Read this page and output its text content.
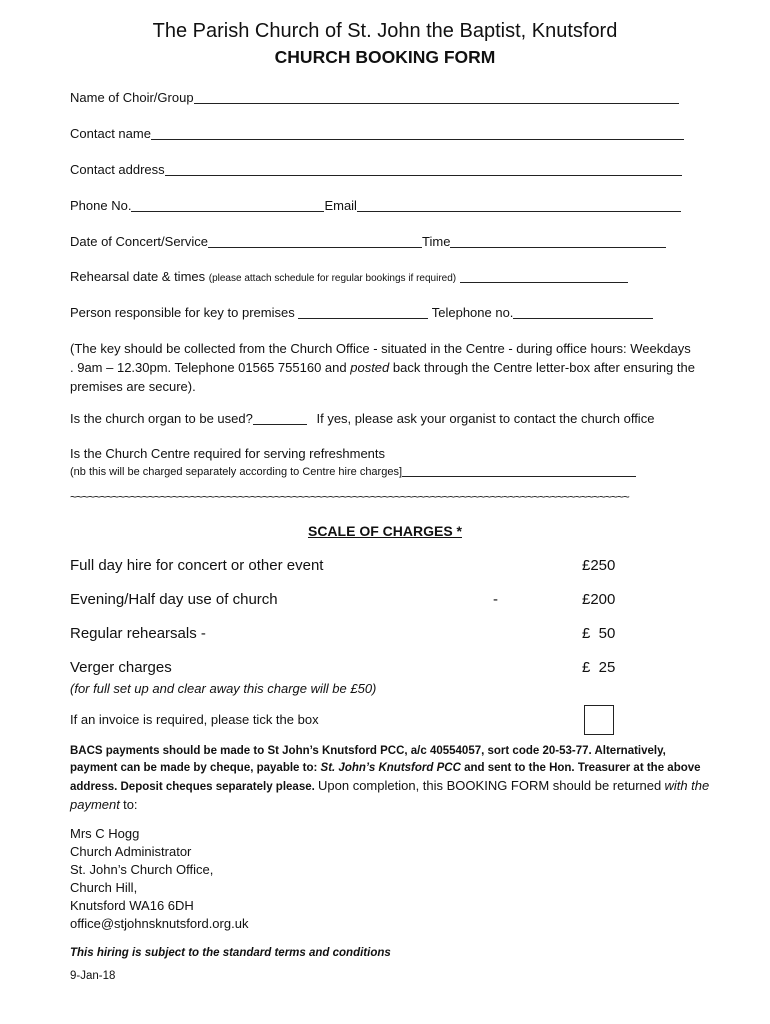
The Parish Church of St. John the Baptist, Knutsford
CHURCH BOOKING FORM
Name of Choir/Group
Contact name
Contact address
Phone No.	Email
Date of Concert/Service	Time
Rehearsal date & times (please attach schedule for regular bookings if required)
Person responsible for key to premises	Telephone no.
(The key should be collected from the Church Office - situated in the Centre - during office hours: Weekdays . 9am – 12.30pm. Telephone 01565 755160 and posted back through the Centre letter-box after ensuring the premises are secure).
Is the church organ to be used?	If yes, please ask your organist to contact the church office
Is the Church Centre required for serving refreshments
(nb this will be charged separately according to Centre hire charges]
~~~~~~~~~~~~~~~~~~~~~~~~~~~~~~~~~~~~~~~~~~~~~~~~~~~~~~~~~~~~~~~~~~~~~~~~~~~~~~~~~~~~~~~~~~~~~
SCALE OF CHARGES *
Full day hire for concert or other event	£250
Evening/Half day use of church	-	£200
Regular rehearsals -	£  50
Verger charges	£  25
(for full set up and clear away this charge will be £50)
If an invoice is required, please tick the box
BACS payments should be made to St John’s Knutsford PCC, a/c 40554057, sort code 20-53-77. Alternatively, payment can be made by cheque, payable to: St. John’s Knutsford PCC and sent to the Hon. Treasurer at the above address. Deposit cheques separately please. Upon completion, this BOOKING FORM should be returned with the payment to:
Mrs C Hogg
Church Administrator
St. John’s Church Office,
Church Hill,
Knutsford WA16 6DH
office@stjohnsknutsford.org.uk
This hiring is subject to the standard terms and conditions
9-Jan-18
